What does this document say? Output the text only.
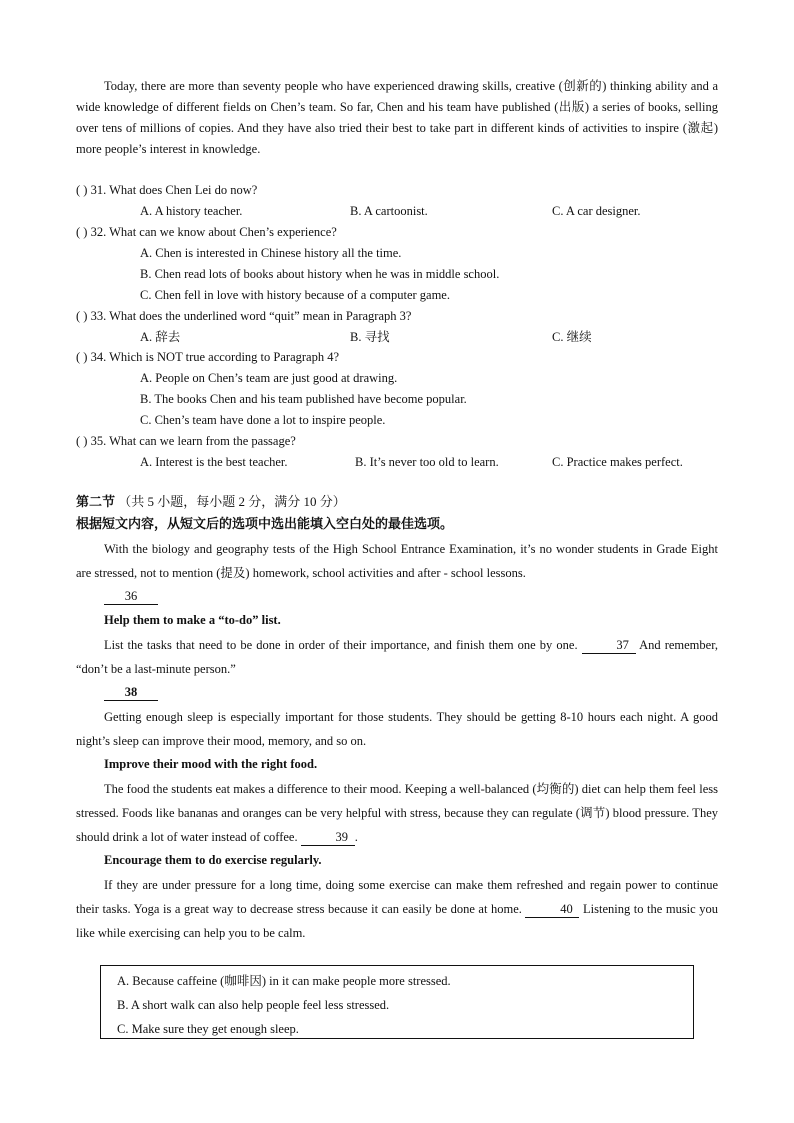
Today, there are more than seventy people who have experienced drawing skills, creative (创新的) thinking ability and a wide knowledge of different fields on Chen’s team. So far, Chen and his team have published (出版) a series of books, selling over tens of millions of copies. And they have also tried their best to take part in different kinds of activities to inspire (激起) more people’s interest in knowledge.

( ) 31. What does Chen Lei do now?
A. A history teacher.	B. A cartoonist.	C. A car designer.
( ) 32. What can we know about Chen’s experience?
A. Chen is interested in Chinese history all the time.
B. Chen read lots of books about history when he was in middle school.
C. Chen fell in love with history because of a computer game.
( ) 33. What does the underlined word “quit” mean in Paragraph 3?
A. 辞去	B. 寻找	C. 继续
( ) 34. Which is NOT true according to Paragraph 4?
A. People on Chen’s team are just good at drawing.
B. The books Chen and his team published have become popular.
C. Chen’s team have done a lot to inspire people.
( ) 35. What can we learn from the passage?
A. Interest is the best teacher.	B. It’s never too old to learn.	C. Practice makes perfect.
第二节 （共 5 小题，每小题 2 分，满分 10 分）
根据短文内容，从短文后的选项中选出能填入空白处的最佳选项。

With the biology and geography tests of the High School Entrance Examination, it’s no wonder students in Grade Eight are stressed, not to mention (提及) homework, school activities and after - school lessons.

36
Help them to make a “to-do” list.

List the tasks that need to be done in order of their importance, and finish them one by one.	37 And remember, “don’t be a last-minute person.”

38

Getting enough sleep is especially important for those students. They should be getting 8-10 hours each night. A good night’s sleep can improve their mood, memory, and so on.

Improve their mood with the right food.

The food the students eat makes a difference to their mood. Keeping a well-balanced (均衡的) diet can help them feel less stressed. Foods like bananas and oranges can be very helpful with stress, because they can regulate (调节) blood pressure. They should drink a lot of water instead of coffee.	39 .

Encourage them to do exercise regularly.

If they are under pressure for a long time, doing some exercise can make them refreshed and regain power to continue their tasks. Yoga is a great way to decrease stress because it can easily be done at home.	40 Listening to the music you like while exercising can help you to be calm.

A. Because caffeine (咖啡因) in it can make people more stressed.
B. A short walk can also help people feel less stressed.
C. Make sure they get enough sleep.
